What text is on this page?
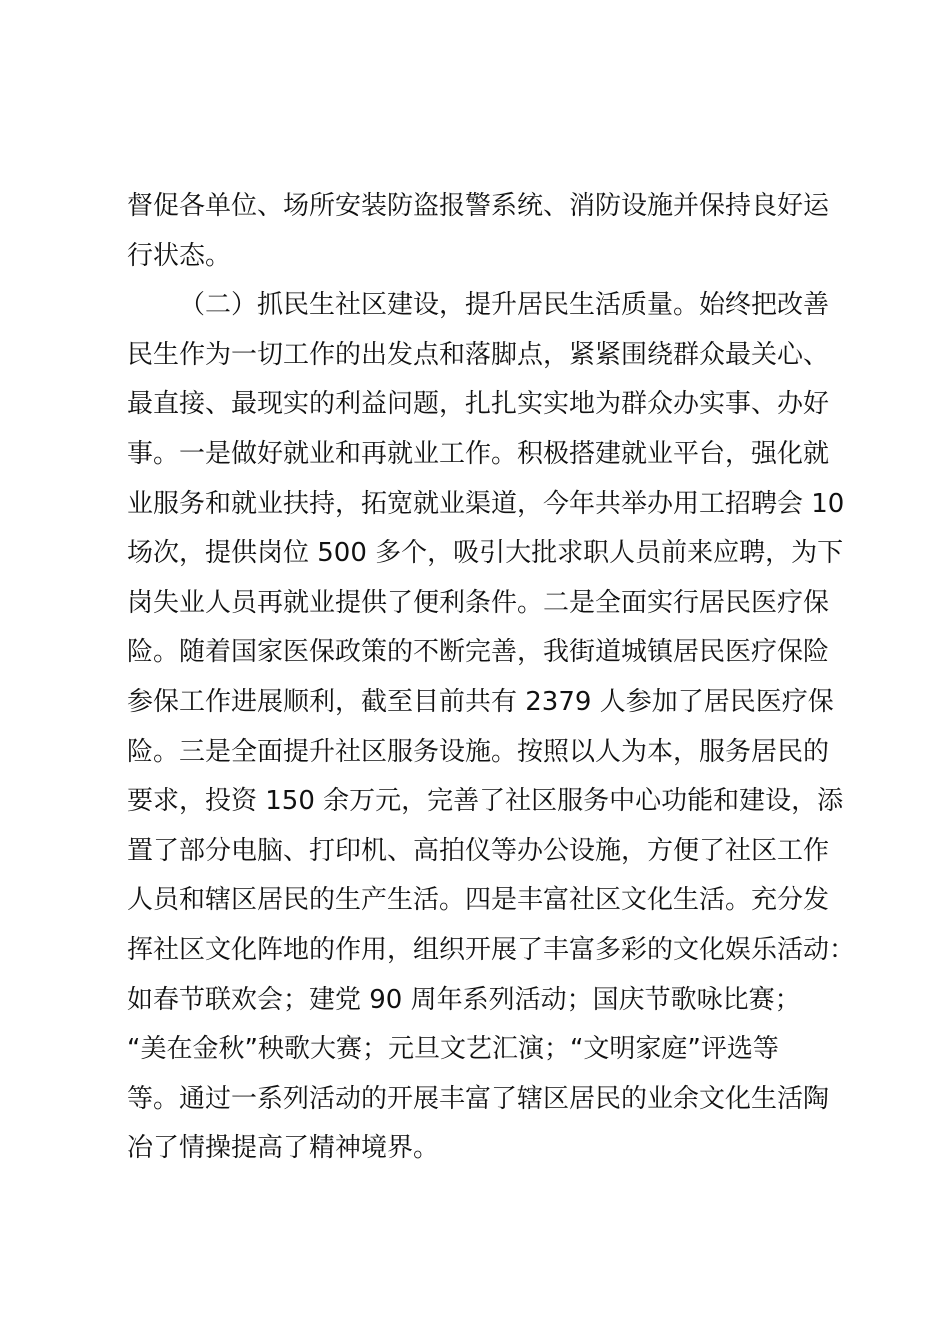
督促各单位、场所安装防盗报警系统、消防设施并保持良好运
行状态。
（二）抓民生社区建设，提升居民生活质量。始终把改善
民生作为一切工作的出发点和落脚点，紧紧围绕群众最关心、
最直接、最现实的利益问题，扎扎实实地为群众办实事、办好
事。一是做好就业和再就业工作。积极搭建就业平台，强化就
业服务和就业扶持，拓宽就业渠道，今年共举办用工招聘会 10
场次，提供岗位 500 多个，吸引大批求职人员前来应聘，为下
岗失业人员再就业提供了便利条件。二是全面实行居民医疗保
险。随着国家医保政策的不断完善，我街道城镇居民医疗保险
参保工作进展顺利，截至目前共有 2379 人参加了居民医疗保
险。三是全面提升社区服务设施。按照以人为本，服务居民的
要求，投资 150 余万元，完善了社区服务中心功能和建设，添
置了部分电脑、打印机、高拍仪等办公设施，方便了社区工作
人员和辖区居民的生产生活。四是丰富社区文化生活。充分发
挥社区文化阵地的作用，组织开展了丰富多彩的文化娱乐活动：
如春节联欢会；建党 90 周年系列活动；国庆节歌咏比赛；
“美在金秋”秧歌大赛；元旦文艺汇演；“文明家庭”评选等
等。通过一系列活动的开展丰富了辖区居民的业余文化生活陶
冶了情操提高了精神境界。
